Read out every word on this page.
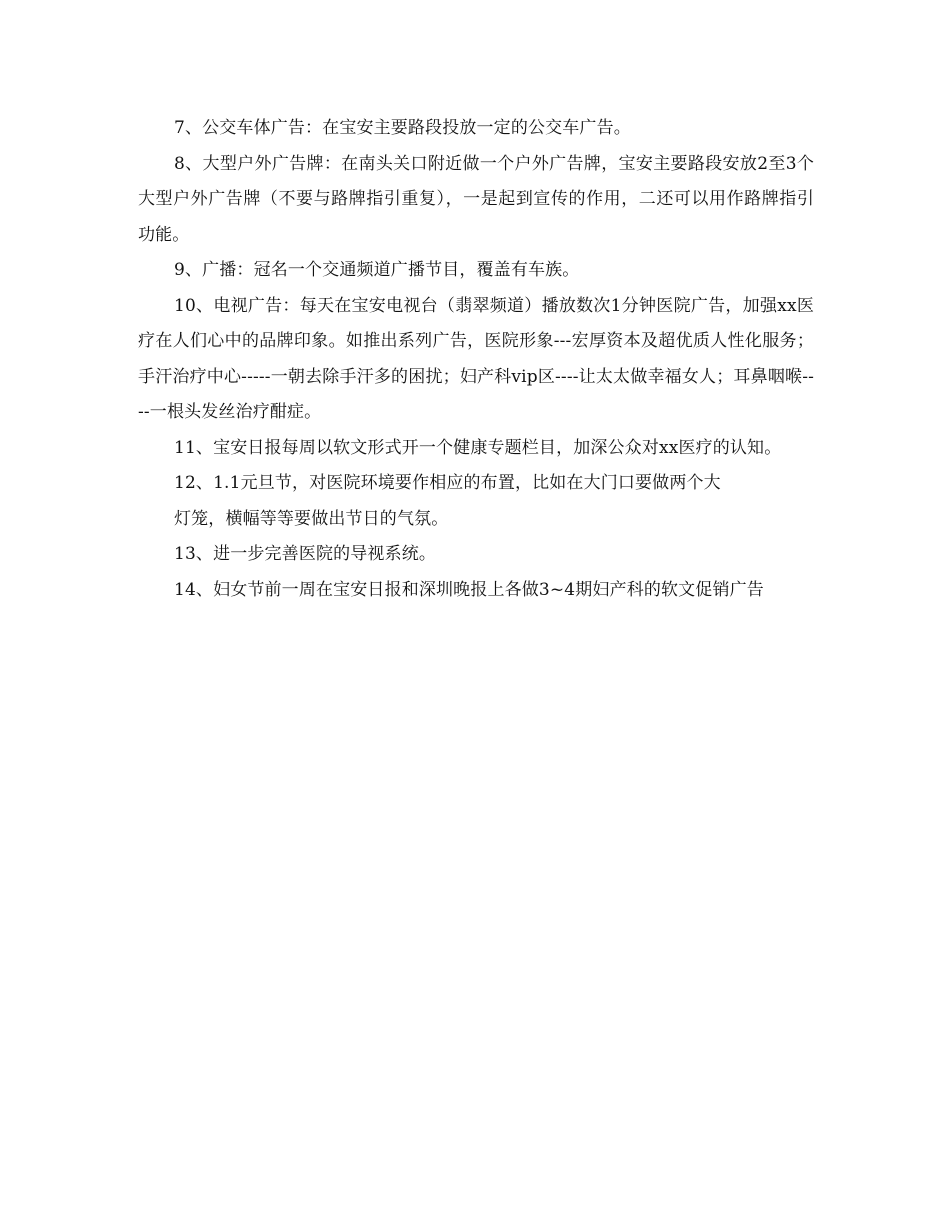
7、公交车体广告：在宝安主要路段投放一定的公交车广告。

8、大型户外广告牌：在南头关口附近做一个户外广告牌，宝安主要路段安放2至3个大型户外广告牌（不要与路牌指引重复），一是起到宣传的作用，二还可以用作路牌指引功能。

9、广播：冠名一个交通频道广播节目，覆盖有车族。

10、电视广告：每天在宝安电视台（翡翠频道）播放数次1分钟医院广告，加强xx医疗在人们心中的品牌印象。如推出系列广告，医院形象---宏厚资本及超优质人性化服务；手汗治疗中心-----一朝去除手汗多的困扰；妇产科vip区----让太太做幸福女人；耳鼻咽喉----一根头发丝治疗酣症。

11、宝安日报每周以软文形式开一个健康专题栏目，加深公众对xx医疗的认知。

12、1.1元旦节，对医院环境要作相应的布置，比如在大门口要做两个大
灯笼，横幅等等要做出节日的气氛。

13、进一步完善医院的导视系统。

14、妇女节前一周在宝安日报和深圳晚报上各做3~4期妇产科的软文促销广告
